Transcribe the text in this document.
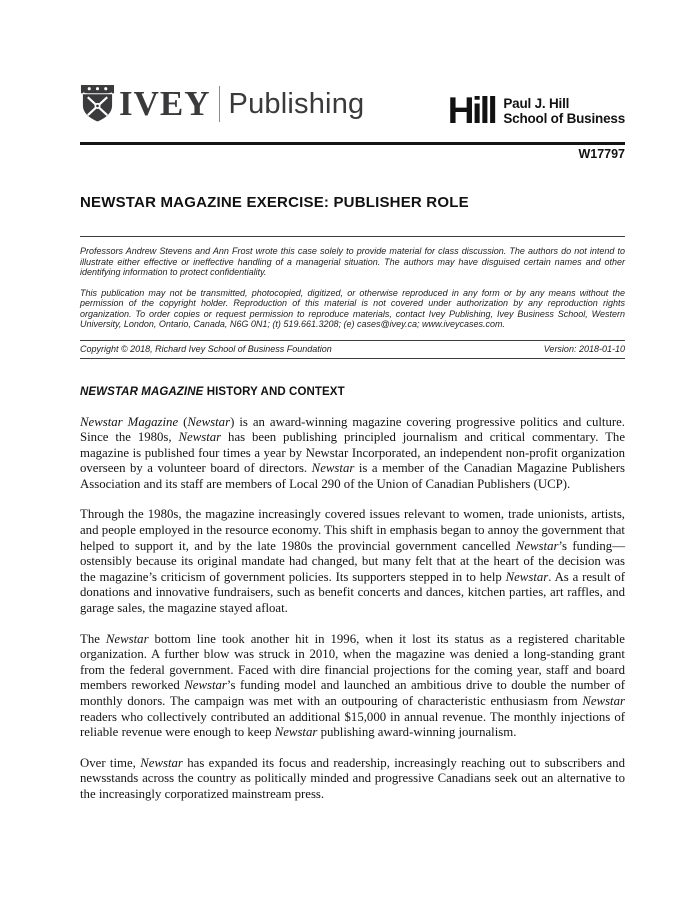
IVEY Publishing Hill Paul J. Hill
School of Business
W17797
NEWSTAR MAGAZINE EXERCISE: PUBLISHER ROLE

Professors Andrew Stevens and Ann Frost wrote this case solely to provide material for class discussion. The authors do not intend to illustrate either effective or ineffective handling of a managerial situation. The authors may have disguised certain names and other identifying information to protect confidentiality.

This publication may not be transmitted, photocopied, digitized, or otherwise reproduced in any form or by any means without the permission of the copyright holder. Reproduction of this material is not covered under authorization by any reproduction rights organization. To order copies or request permission to reproduce materials, contact Ivey Publishing, Ivey Business School, Western University, London, Ontario, Canada, N6G 0N1; (t) 519.661.3208; (e) cases@ivey.ca; www.iveycases.com.

Copyright © 2018, Richard Ivey School of Business Foundation	Version: 2018-01-10
NEWSTAR MAGAZINE HISTORY AND CONTEXT

Newstar Magazine (Newstar) is an award-winning magazine covering progressive politics and culture. Since the 1980s, Newstar has been publishing principled journalism and critical commentary. The magazine is published four times a year by Newstar Incorporated, an independent non-profit organization overseen by a volunteer board of directors. Newstar is a member of the Canadian Magazine Publishers Association and its staff are members of Local 290 of the Union of Canadian Publishers (UCP).

Through the 1980s, the magazine increasingly covered issues relevant to women, trade unionists, artists, and people employed in the resource economy. This shift in emphasis began to annoy the government that helped to support it, and by the late 1980s the provincial government cancelled Newstar’s funding—ostensibly because its original mandate had changed, but many felt that at the heart of the decision was the magazine’s criticism of government policies. Its supporters stepped in to help Newstar. As a result of donations and innovative fundraisers, such as benefit concerts and dances, kitchen parties, art raffles, and garage sales, the magazine stayed afloat.

The Newstar bottom line took another hit in 1996, when it lost its status as a registered charitable organization. A further blow was struck in 2010, when the magazine was denied a long-standing grant from the federal government. Faced with dire financial projections for the coming year, staff and board members reworked Newstar’s funding model and launched an ambitious drive to double the number of monthly donors. The campaign was met with an outpouring of characteristic enthusiasm from Newstar readers who collectively contributed an additional $15,000 in annual revenue. The monthly injections of reliable revenue were enough to keep Newstar publishing award-winning journalism.

Over time, Newstar has expanded its focus and readership, increasingly reaching out to subscribers and newsstands across the country as politically minded and progressive Canadians seek out an alternative to the increasingly corporatized mainstream press.
